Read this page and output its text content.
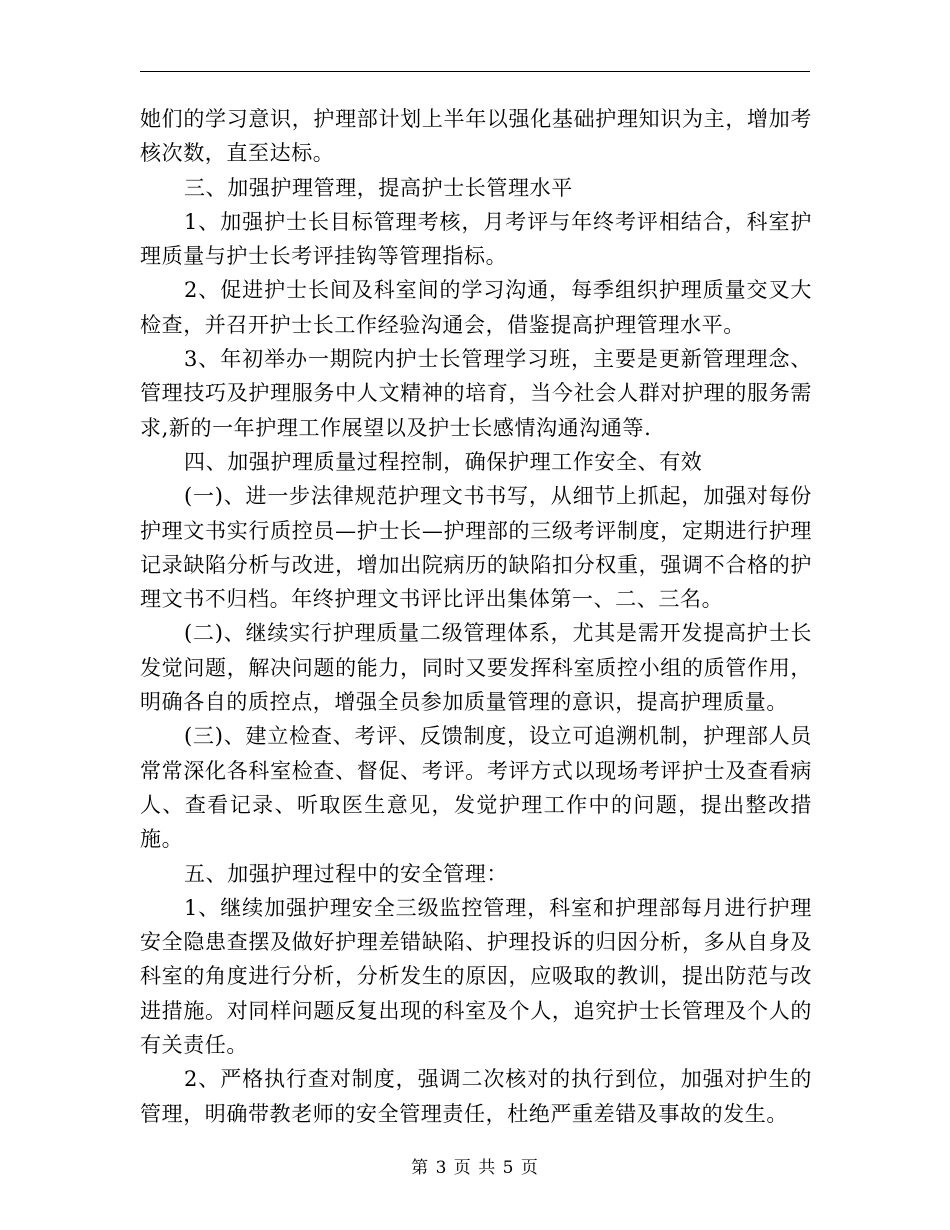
她们的学习意识，护理部计划上半年以强化基础护理知识为主，增加考核次数，直至达标。

三、加强护理管理，提高护士长管理水平

1、加强护士长目标管理考核，月考评与年终考评相结合，科室护理质量与护士长考评挂钩等管理指标。

2、促进护士长间及科室间的学习沟通，每季组织护理质量交叉大检查，并召开护士长工作经验沟通会，借鉴提高护理管理水平。

3、年初举办一期院内护士长管理学习班，主要是更新管理理念、管理技巧及护理服务中人文精神的培育，当今社会人群对护理的服务需求,新的一年护理工作展望以及护士长感情沟通沟通等.

四、加强护理质量过程控制，确保护理工作安全、有效

(一)、进一步法律规范护理文书书写，从细节上抓起，加强对每份护理文书实行质控员—护士长—护理部的三级考评制度，定期进行护理记录缺陷分析与改进，增加出院病历的缺陷扣分权重，强调不合格的护理文书不归档。年终护理文书评比评出集体第一、二、三名。

(二)、继续实行护理质量二级管理体系，尤其是需开发提高护士长发觉问题，解决问题的能力，同时又要发挥科室质控小组的质管作用，明确各自的质控点，增强全员参加质量管理的意识，提高护理质量。

(三)、建立检查、考评、反馈制度，设立可追溯机制，护理部人员常常深化各科室检查、督促、考评。考评方式以现场考评护士及查看病人、查看记录、听取医生意见，发觉护理工作中的问题，提出整改措施。

五、加强护理过程中的安全管理：

1、继续加强护理安全三级监控管理，科室和护理部每月进行护理安全隐患查摆及做好护理差错缺陷、护理投诉的归因分析，多从自身及科室的角度进行分析，分析发生的原因，应吸取的教训，提出防范与改进措施。对同样问题反复出现的科室及个人，追究护士长管理及个人的有关责任。

2、严格执行查对制度，强调二次核对的执行到位，加强对护生的管理，明确带教老师的安全管理责任，杜绝严重差错及事故的发生。

第 3 页 共 5 页
